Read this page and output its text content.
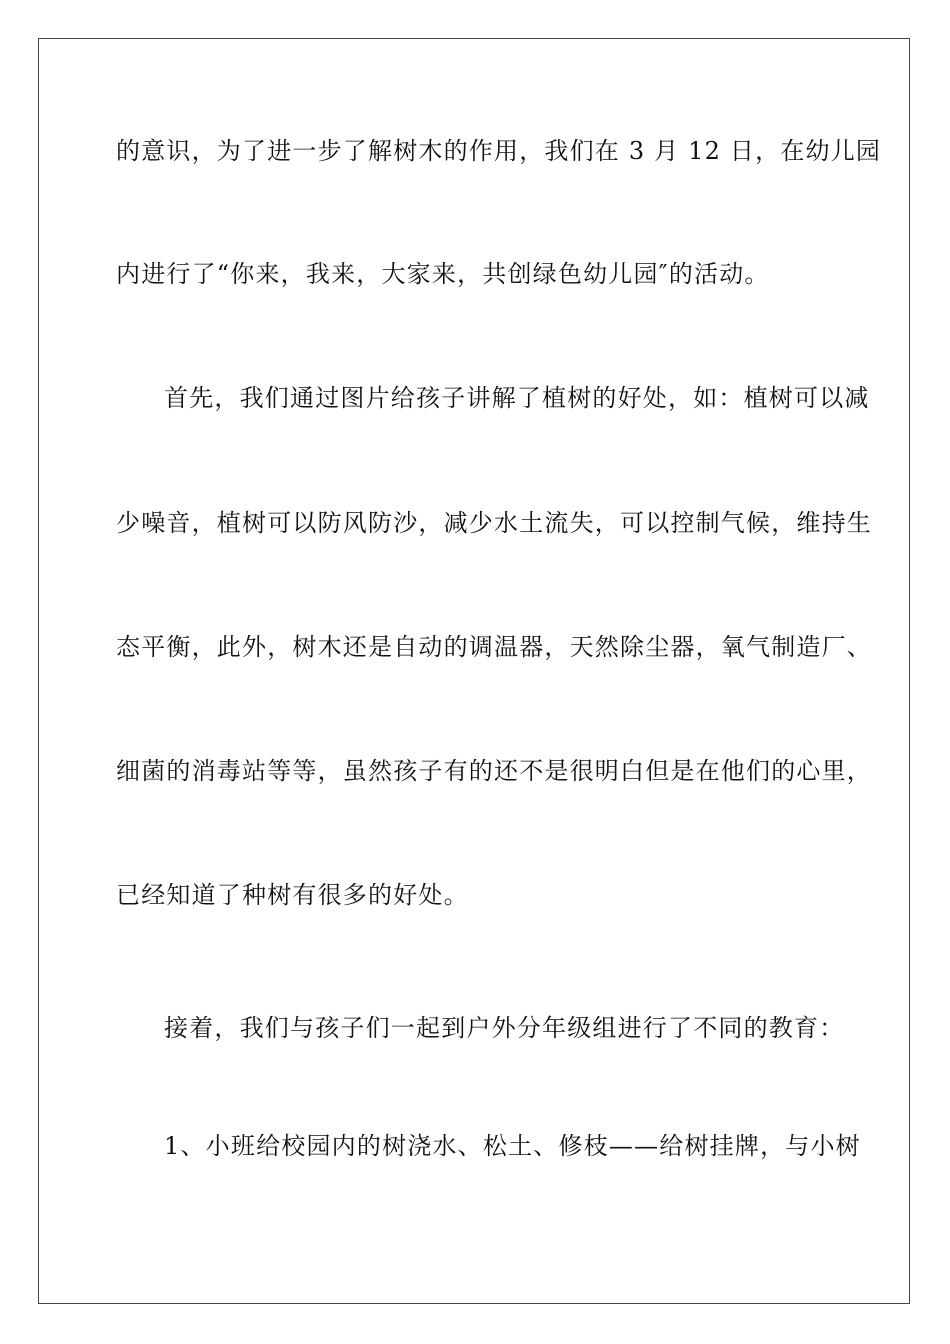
的意识，为了进一步了解树木的作用，我们在 3 月 12 日，在幼儿园
内进行了“你来，我来，大家来，共创绿色幼儿园″的活动。
首先，我们通过图片给孩子讲解了植树的好处，如：植树可以减
少噪音，植树可以防风防沙，减少水土流失，可以控制气候，维持生
态平衡，此外，树木还是自动的调温器，天然除尘器，氧气制造厂、
细菌的消毒站等等，虽然孩子有的还不是很明白但是在他们的心里，
已经知道了种树有很多的好处。
接着，我们与孩子们一起到户外分年级组进行了不同的教育：
1、小班给校园内的树浇水、松土、修枝——给树挂牌，与小树
